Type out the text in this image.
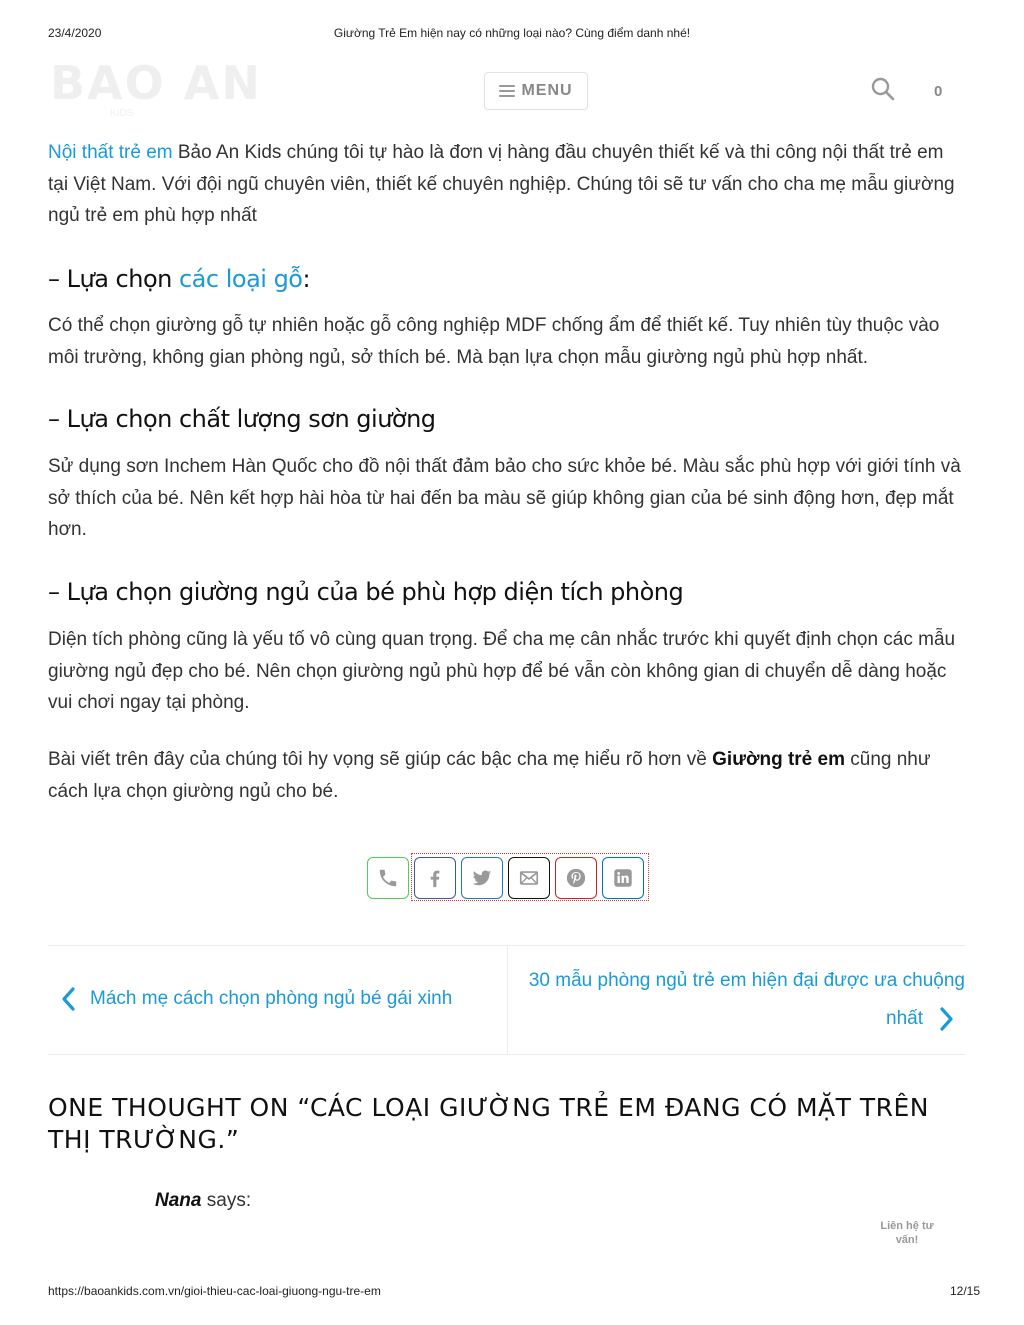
23/4/2020	Giường Trẻ Em hiện nay có những loại nào? Cùng điểm danh nhé!
BAO AN
KIDS
MENU	0

Nội thất trẻ em Bảo An Kids chúng tôi tự hào là đơn vị hàng đầu chuyên thiết kế và thi công nội thất trẻ em tại Việt Nam. Với đội ngũ chuyên viên, thiết kế chuyên nghiệp. Chúng tôi sẽ tư vấn cho cha mẹ mẫu giường ngủ trẻ em phù hợp nhất

– Lựa chọn các loại gỗ:

Có thể chọn giường gỗ tự nhiên hoặc gỗ công nghiệp MDF chống ẩm để thiết kế. Tuy nhiên tùy thuộc vào môi trường, không gian phòng ngủ, sở thích bé. Mà bạn lựa chọn mẫu giường ngủ phù hợp nhất.

– Lựa chọn chất lượng sơn giường

Sử dụng sơn Inchem Hàn Quốc cho đồ nội thất đảm bảo cho sức khỏe bé. Màu sắc phù hợp với giới tính và sở thích của bé. Nên kết hợp hài hòa từ hai đến ba màu sẽ giúp không gian của bé sinh động hơn, đẹp mắt hơn.

– Lựa chọn giường ngủ của bé phù hợp diện tích phòng

Diện tích phòng cũng là yếu tố vô cùng quan trọng. Để cha mẹ cân nhắc trước khi quyết định chọn các mẫu giường ngủ đẹp cho bé. Nên chọn giường ngủ phù hợp để bé vẫn còn không gian di chuyển dễ dàng hoặc vui chơi ngay tại phòng.

Bài viết trên đây của chúng tôi hy vọng sẽ giúp các bậc cha mẹ hiểu rõ hơn về Giường trẻ em cũng như cách lựa chọn giường ngủ cho bé.

Mách mẹ cách chọn phòng ngủ bé gái xinh
30 mẫu phòng ngủ trẻ em hiện đại được ưa chuộng
nhất
ONE THOUGHT ON “CÁC LOẠI GIƯỜNG TRẺ EM ĐANG CÓ MẶT TRÊN THỊ TRƯỜNG.”
Nana says:
Liên hệ tư
vấn!
https://baoankids.com.vn/gioi-thieu-cac-loai-giuong-ngu-tre-em	12/15
